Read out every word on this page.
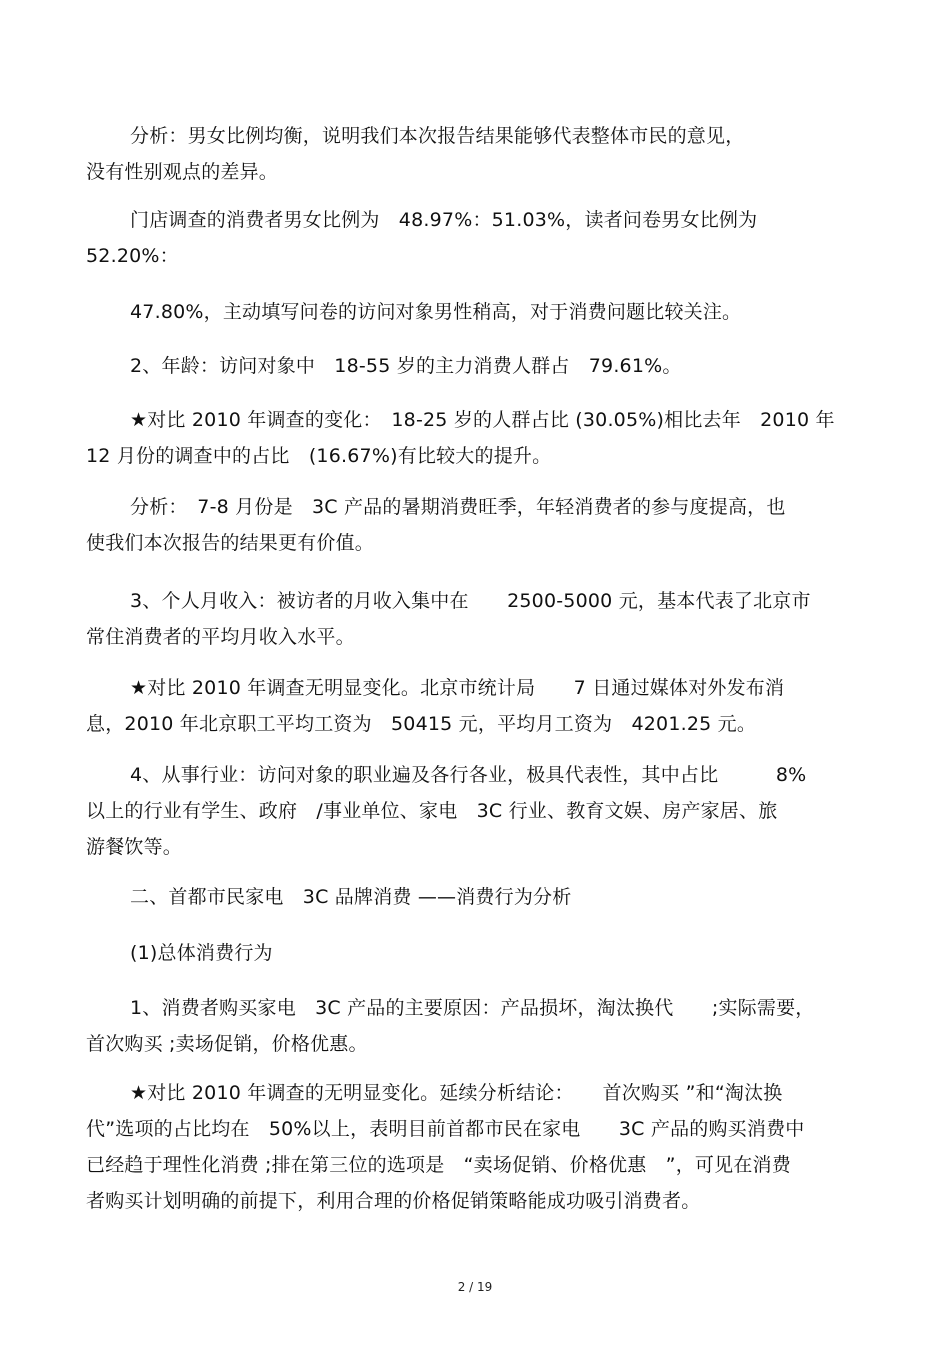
分析：男女比例均衡，说明我们本次报告结果能够代表整体市民的意见，
没有性别观点的差异。
门店调查的消费者男女比例为　48.97%：51.03%，读者问卷男女比例为
52.20%：
47.80%，主动填写问卷的访问对象男性稍高，对于消费问题比较关注。
2、年龄：访问对象中　18-55 岁的主力消费人群占　79.61%。
★对比 2010 年调查的变化：　18-25 岁的人群占比 (30.05%)相比去年　2010 年
12 月份的调查中的占比　(16.67%)有比较大的提升。
分析：　7-8 月份是　3C 产品的暑期消费旺季，年轻消费者的参与度提高，也
使我们本次报告的结果更有价值。
3、个人月收入：被访者的月收入集中在　　2500-5000 元，基本代表了北京市
常住消费者的平均月收入水平。
★对比 2010 年调查无明显变化。北京市统计局　　7 日通过媒体对外发布消
息，2010 年北京职工平均工资为　50415 元，平均月工资为　4201.25 元。
4、从事行业：访问对象的职业遍及各行各业，极具代表性，其中占比　　　8%
以上的行业有学生、政府　/事业单位、家电　3C 行业、教育文娱、房产家居、旅
游餐饮等。
二、首都市民家电　3C 品牌消费 ——消费行为分析
(1)总体消费行为
1、消费者购买家电　3C 产品的主要原因：产品损坏，淘汰换代　　;实际需要，
首次购买 ;卖场促销，价格优惠。
★对比 2010 年调查的无明显变化。延续分析结论：　　首次购买 ”和“淘汰换
代”选项的占比均在　50%以上，表明目前首都市民在家电　　3C 产品的购买消费中
已经趋于理性化消费 ;排在第三位的选项是　“卖场促销、价格优惠　”，可见在消费
者购买计划明确的前提下，利用合理的价格促销策略能成功吸引消费者。
2 / 19
